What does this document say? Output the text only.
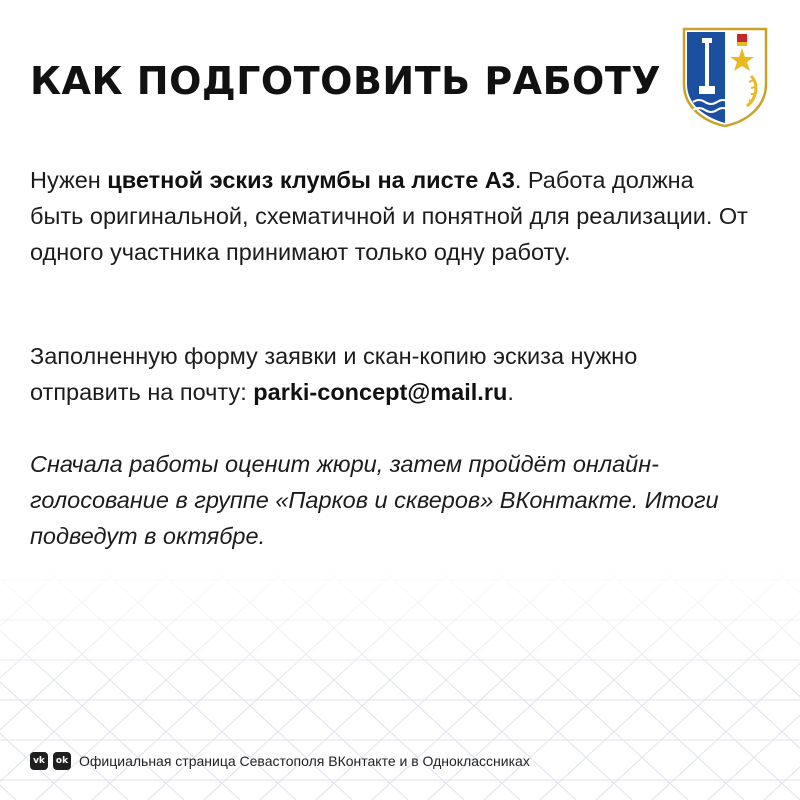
КАК ПОДГОТОВИТЬ РАБОТУ

Нужен цветной эскиз клумбы на листе А3. Работа должна быть оригинальной, схематичной и понятной для реализации. От одного участника принимают только одну работу.

Заполненную форму заявки и скан-копию эскиза нужно отправить на почту: parki-concept@mail.ru.

Сначала работы оценит жюри, затем пройдёт онлайн-голосование в группе «Парков и скверов» ВКонтакте. Итоги подведут в октябре.

vk	ok Официальная страница Севастополя ВКонтакте и в Одноклассниках
